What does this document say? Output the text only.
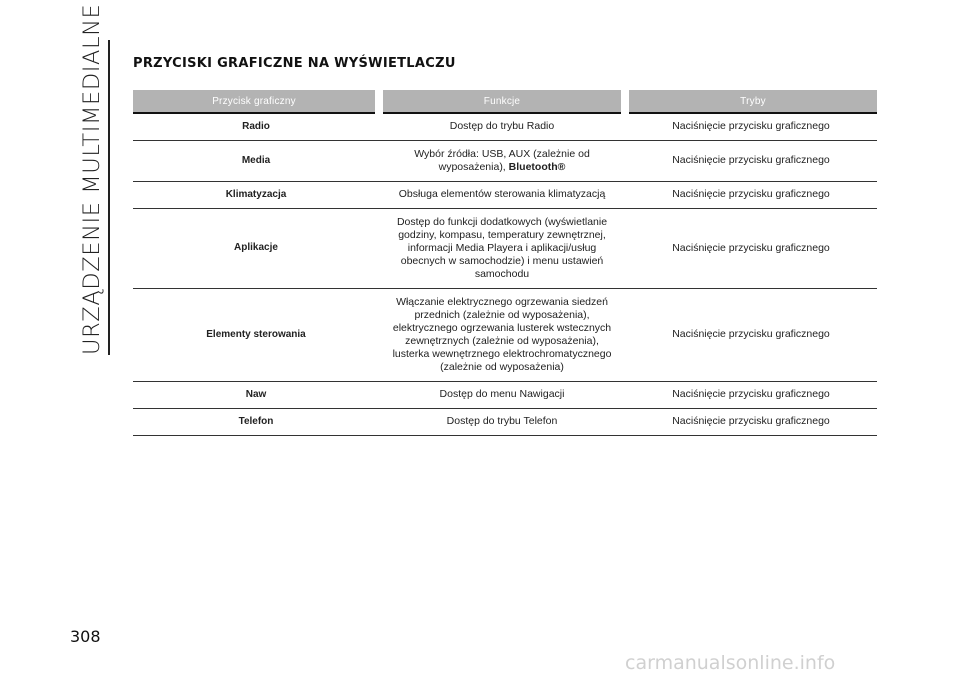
URZĄDZENIE MULTIMEDIALNE PRZYCISKI GRAFICZNE NA WYŚWIETLACZU
Przycisk graficzny	Funkcje	Tryby
Radio	Dostęp do trybu Radio	Naciśnięcie przycisku graficznego
Media	Wybór źródła: USB, AUX (zależnie od wyposażenia), Bluetooth®	Naciśnięcie przycisku graficznego
Klimatyzacja	Obsługa elementów sterowania klimatyzacją	Naciśnięcie przycisku graficznego
Aplikacje	Dostęp do funkcji dodatkowych (wyświetlanie godziny, kompasu, temperatury zewnętrznej, informacji Media Playera i aplikacji/usług obecnych w samochodzie) i menu ustawień samochodu	Naciśnięcie przycisku graficznego
Elementy sterowania	Włączanie elektrycznego ogrzewania siedzeń przednich (zależnie od wyposażenia), elektrycznego ogrzewania lusterek wstecznych zewnętrznych (zależnie od wyposażenia), lusterka wewnętrznego elektrochromatycznego (zależnie od wyposażenia)	Naciśnięcie przycisku graficznego
Naw	Dostęp do menu Nawigacji	Naciśnięcie przycisku graficznego
Telefon	Dostęp do trybu Telefon	Naciśnięcie przycisku graficznego
308
carmanualsonline.info
